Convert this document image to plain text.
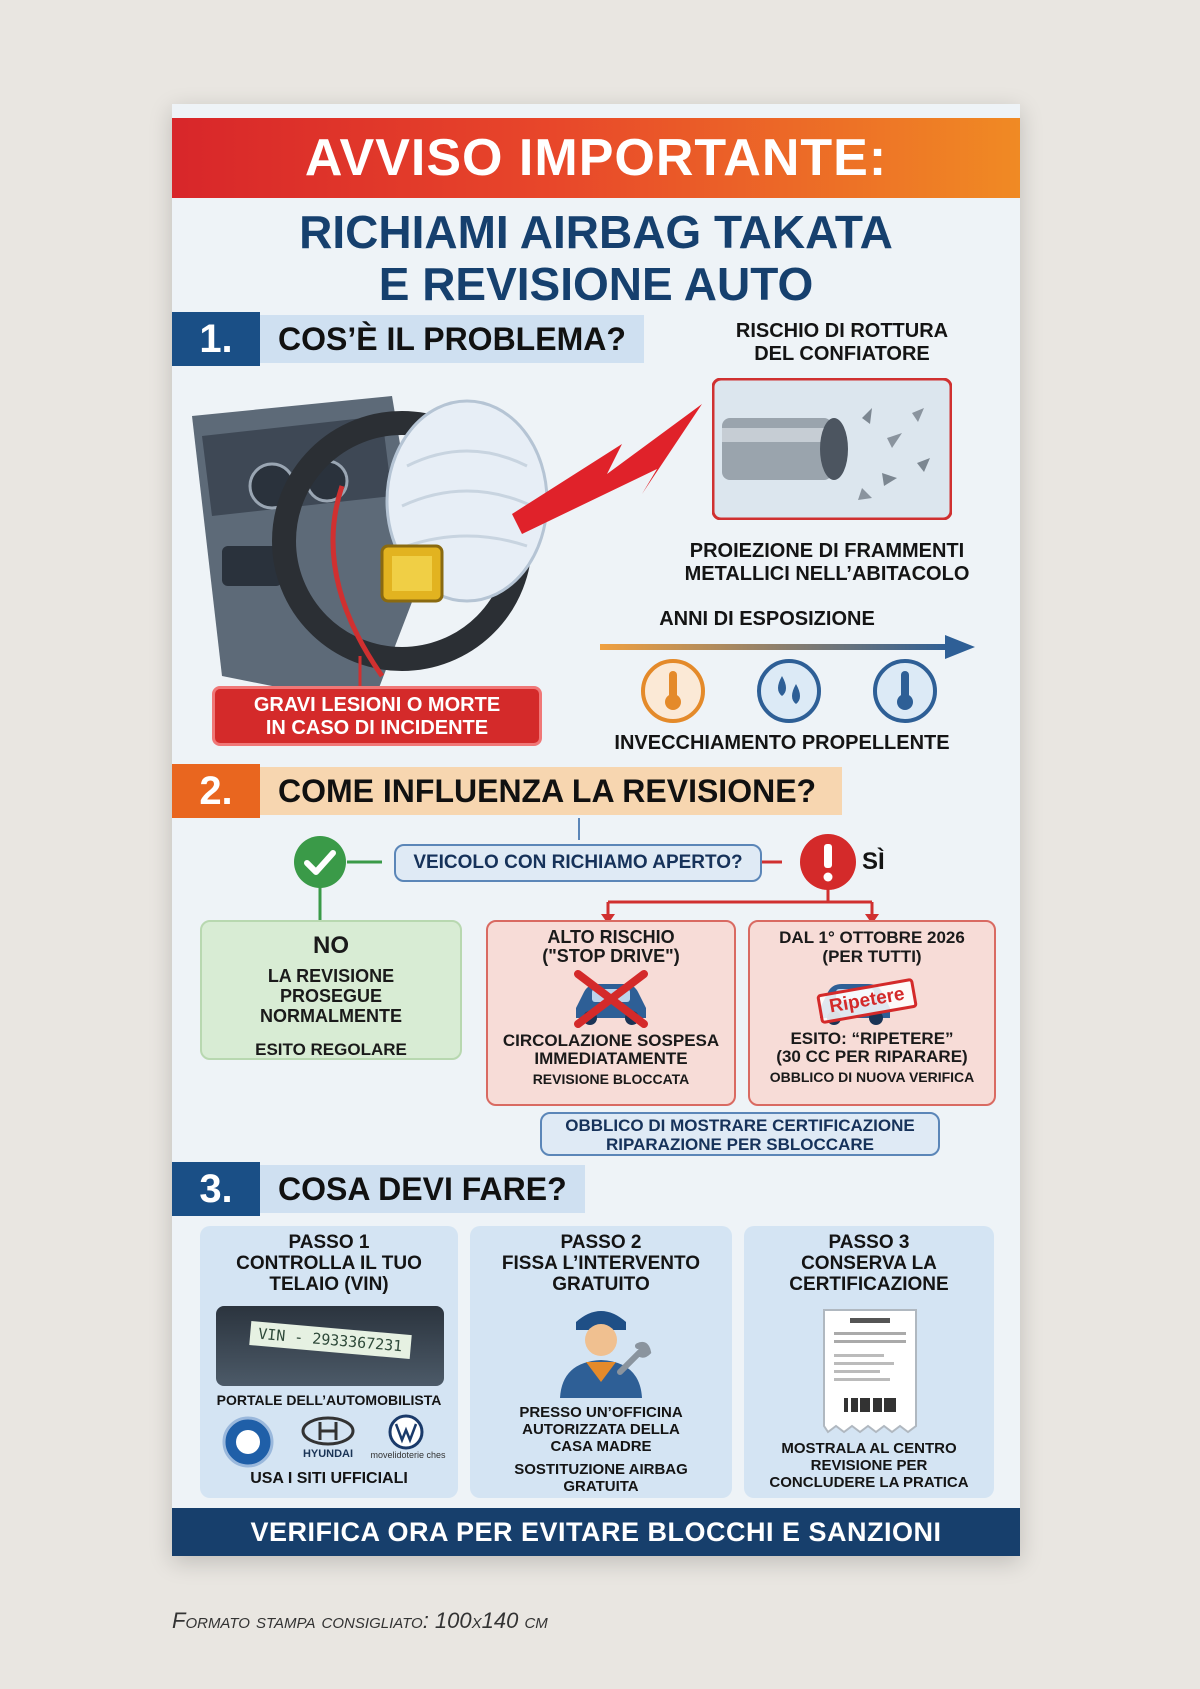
AVVISO IMPORTANTE:
RICHIAMI AIRBAG TAKATA
E REVISIONE AUTO
1.	COS’È IL PROBLEMA?	RISCHIO DI ROTTURA
DEL CONFIATORE
PROIEZIONE DI FRAMMENTI
METALLICI NELL’ABITACOLO
ANNI DI ESPOSIZIONE
GRAVI LESIONI O MORTE
IN CASO DI INCIDENTE
INVECCHIAMENTO PROPELLENTE
2.	COME INFLUENZA LA REVISIONE?
VEICOLO CON RICHIAMO APERTO?	SÌ
NO
LA REVISIONE
PROSEGUE
NORMALMENTE
ESITO REGOLARE
ALTO RISCHIO
("STOP DRIVE")
CIRCOLAZIONE SOSPESA
IMMEDIATAMENTE
REVISIONE BLOCCATA
DAL 1° OTTOBRE 2026
(PER TUTTI)
Ripetere
ESITO: “RIPETERE”
(30 CC PER RIPARARE)
OBBLICO DI NUOVA VERIFICA
OBBLICO DI MOSTRARE CERTIFICAZIONE
RIPARAZIONE PER SBLOCCARE
3.	COSA DEVI FARE?
PASSO 1
CONTROLLA IL TUO
TELAIO (VIN)
VIN - 2933367231
PORTALE DELL’AUTOMOBILISTA
HYUNDAI	movelidoterie ches
USA I SITI UFFICIALI
PASSO 2
FISSA L’INTERVENTO
GRATUITO
PRESSO UN’OFFICINA
AUTORIZZATA DELLA
CASA MADRE
SOSTITUZIONE AIRBAG
GRATUITA
PASSO 3
CONSERVA LA
CERTIFICAZIONE
MOSTRALA AL CENTRO
REVISIONE PER
CONCLUDERE LA PRATICA
VERIFICA ORA PER EVITARE BLOCCHI E SANZIONI
Formato stampa consigliato: 100x140 cm
